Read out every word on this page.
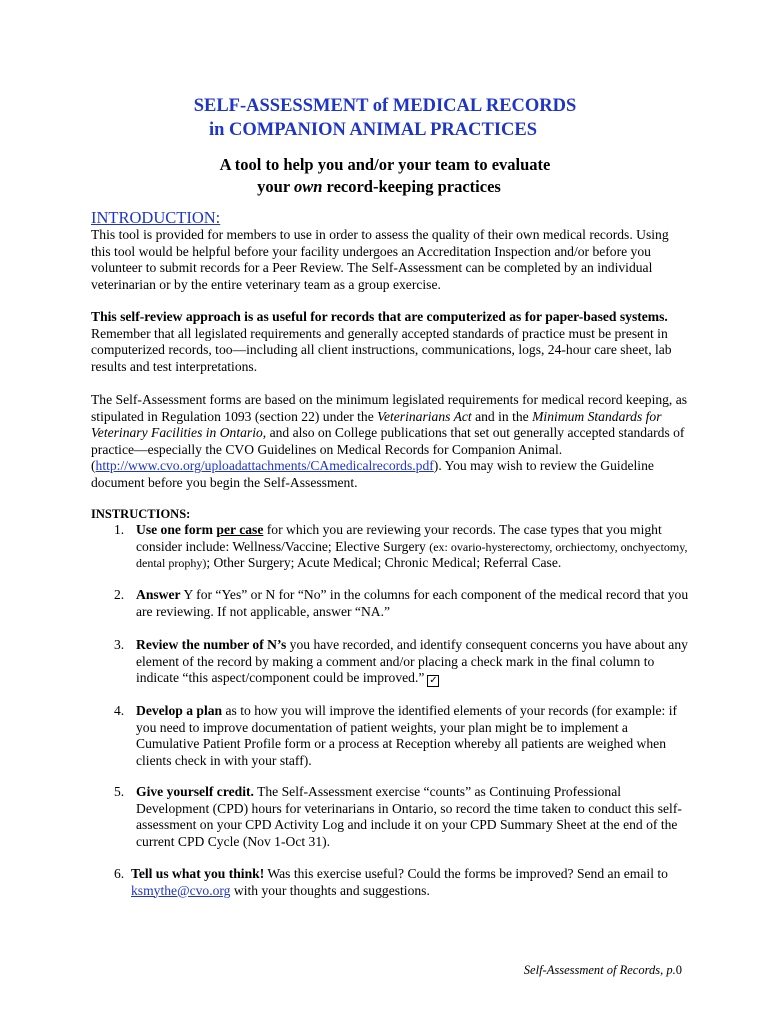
SELF-ASSESSMENT of MEDICAL RECORDS
in COMPANION ANIMAL PRACTICES
A tool to help you and/or your team to evaluate
your own record-keeping practices
INTRODUCTION:

This tool is provided for members to use in order to assess the quality of their own medical records. Using this tool would be helpful before your facility undergoes an Accreditation Inspection and/or before you volunteer to submit records for a Peer Review. The Self-Assessment can be completed by an individual veterinarian or by the entire veterinary team as a group exercise.

This self-review approach is as useful for records that are computerized as for paper-based systems. Remember that all legislated requirements and generally accepted standards of practice must be present in computerized records, too—including all client instructions, communications, logs, 24-hour care sheet, lab results and test interpretations.

The Self-Assessment forms are based on the minimum legislated requirements for medical record keeping, as stipulated in Regulation 1093 (section 22) under the Veterinarians Act and in the Minimum Standards for Veterinary Facilities in Ontario, and also on College publications that set out generally accepted standards of practice—especially the CVO Guidelines on Medical Records for Companion Animal. (http://www.cvo.org/uploadattachments/CAmedicalrecords.pdf). You may wish to review the Guideline document before you begin the Self-Assessment.

INSTRUCTIONS:
1. Use one form per case for which you are reviewing your records. The case types that you might consider include: Wellness/Vaccine; Elective Surgery (ex: ovario-hysterectomy, orchiectomy, onchyectomy, dental prophy); Other Surgery; Acute Medical; Chronic Medical; Referral Case.
2. Answer Y for “Yes” or N for “No” in the columns for each component of the medical record that you are reviewing. If not applicable, answer “NA.”
3. Review the number of N’s you have recorded, and identify consequent concerns you have about any element of the record by making a comment and/or placing a check mark in the final column to indicate “this aspect/component could be improved.” ✓
4. Develop a plan as to how you will improve the identified elements of your records (for example: if you need to improve documentation of patient weights, your plan might be to implement a Cumulative Patient Profile form or a process at Reception whereby all patients are weighed when clients check in with your staff).
5. Give yourself credit. The Self-Assessment exercise “counts” as Continuing Professional Development (CPD) hours for veterinarians in Ontario, so record the time taken to conduct this self-assessment on your CPD Activity Log and include it on your CPD Summary Sheet at the end of the current CPD Cycle (Nov 1-Oct 31).
6. Tell us what you think! Was this exercise useful? Could the forms be improved? Send an email to ksmythe@cvo.org with your thoughts and suggestions.
Self-Assessment of Records, p.0
